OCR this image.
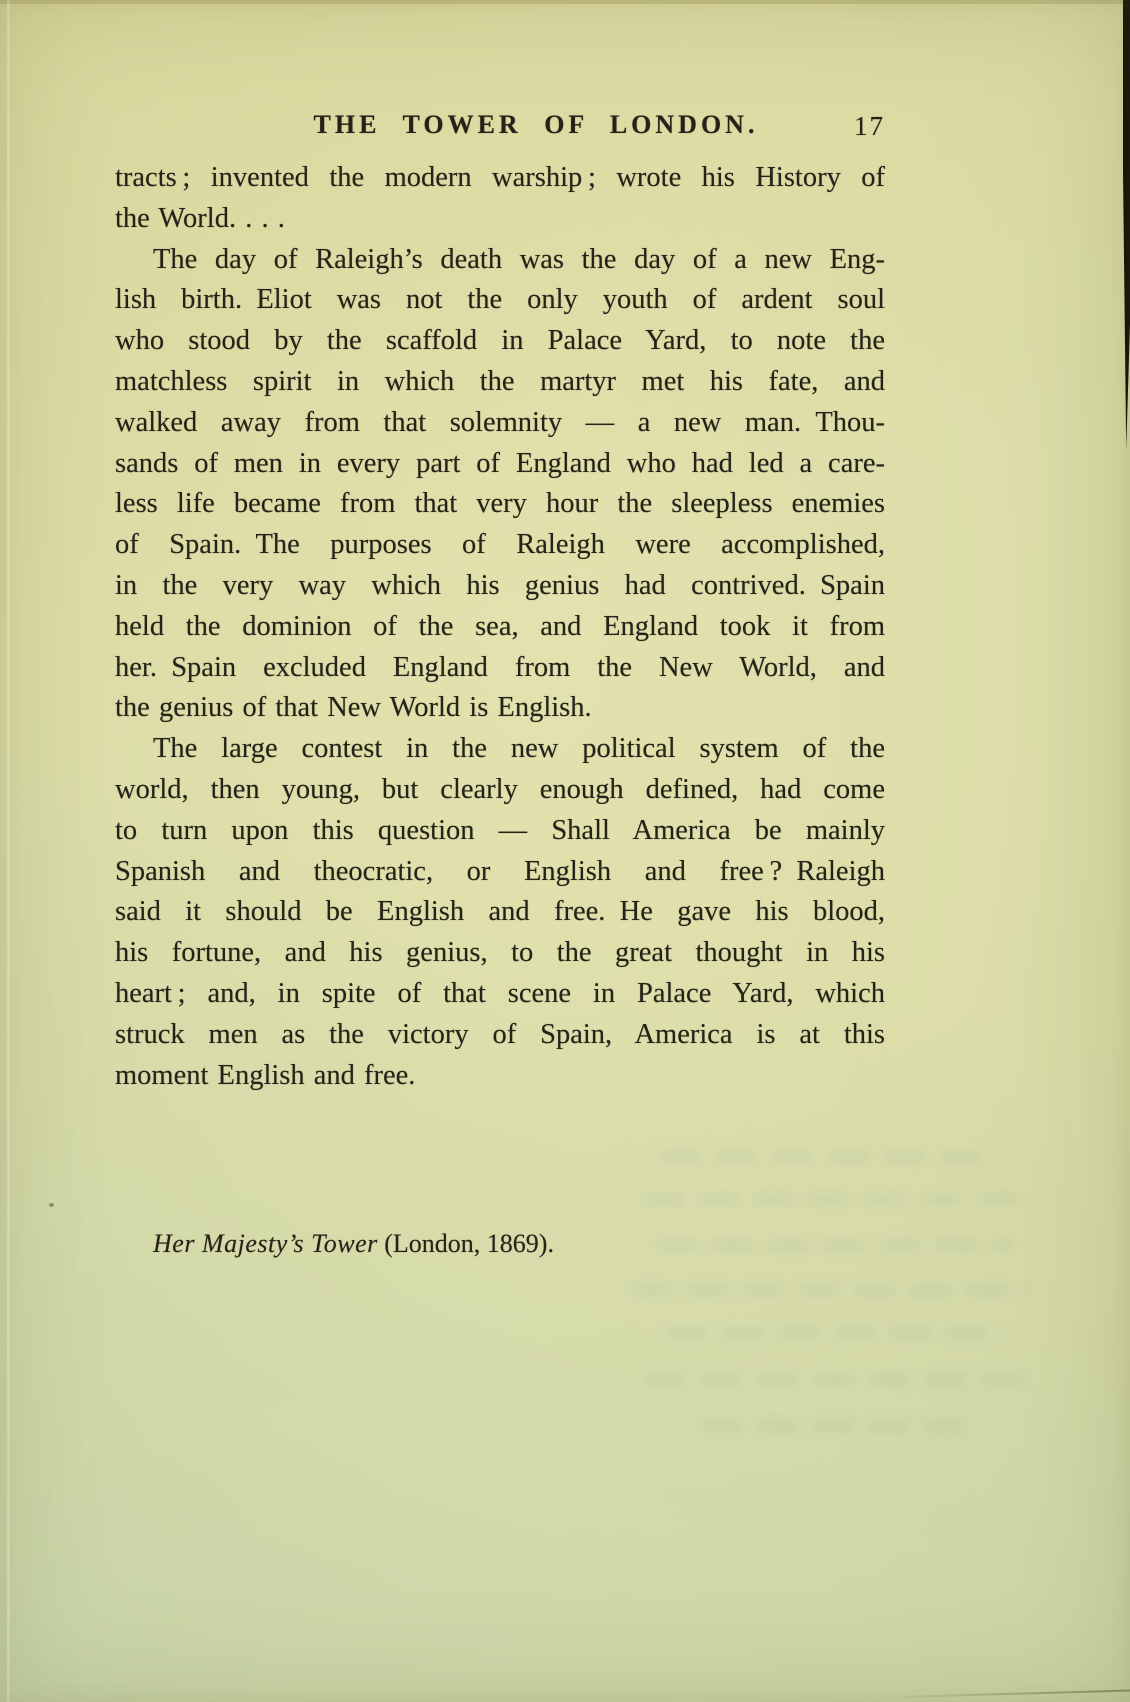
THE TOWER OF LONDON.	17
tracts ; invented the modern warship ; wrote his History of
the World. . . .
The day of Raleigh’s death was the day of a new Eng-
lish birth. Eliot was not the only youth of ardent soul
who stood by the scaffold in Palace Yard, to note the
matchless spirit in which the martyr met his fate, and
walked away from that solemnity — a new man. Thou-
sands of men in every part of England who had led a care-
less life became from that very hour the sleepless enemies
of Spain. The purposes of Raleigh were accomplished,
in the very way which his genius had contrived. Spain
held the dominion of the sea, and England took it from
her. Spain excluded England from the New World, and
the genius of that New World is English.
The large contest in the new political system of the
world, then young, but clearly enough defined, had come
to turn upon this question — Shall America be mainly
Spanish and theocratic, or English and free ? Raleigh
said it should be English and free. He gave his blood,
his fortune, and his genius, to the great thought in his
heart ; and, in spite of that scene in Palace Yard, which
struck men as the victory of Spain, America is at this
moment English and free.
Her Majesty’s Tower (London, 1869).
